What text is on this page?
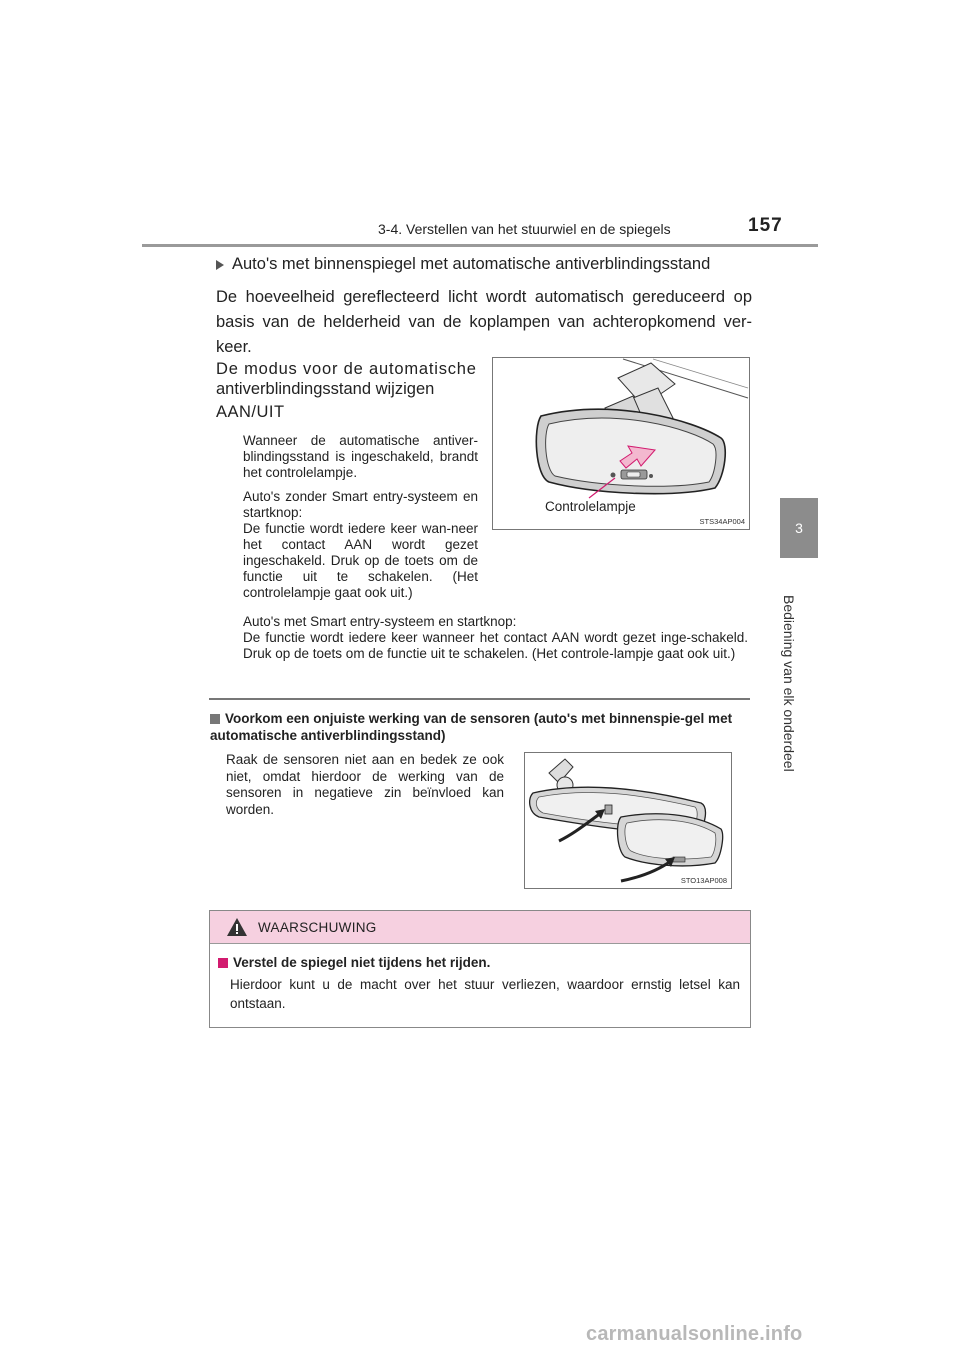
3-4. Verstellen van het stuurwiel en de spiegels	157
3
Bediening van elk onderdeel
Auto's met binnenspiegel met automatische antiverblindingsstand
De hoeveelheid gereflecteerd licht wordt automatisch gereduceerd op basis van de helderheid van de koplampen van achteropkomend ver-keer.
De modus voor de automatische
antiverblindingsstand wijzigen
AAN/UIT
Wanneer de automatische antiver-blindingsstand is ingeschakeld, brandt het controlelampje.
Auto's zonder Smart entry-systeem en startknop:
De functie wordt iedere keer wan-neer het contact AAN wordt gezet ingeschakeld. Druk op de toets om de functie uit te schakelen. (Het controlelampje gaat ook uit.)
Auto's met Smart entry-systeem en startknop:
De functie wordt iedere keer wanneer het contact AAN wordt gezet inge-schakeld. Druk op de toets om de functie uit te schakelen. (Het controle-lampje gaat ook uit.)
Controlelampje
STS34AP004
Voorkom een onjuiste werking van de sensoren (auto's met binnenspie-gel met automatische antiverblindingsstand)
Raak de sensoren niet aan en bedek ze ook niet, omdat hierdoor de werking van de sensoren in negatieve zin beïnvloed kan worden.
STO13AP008
WAARSCHUWING
Verstel de spiegel niet tijdens het rijden.
Hierdoor kunt u de macht over het stuur verliezen, waardoor ernstig letsel kan ontstaan.
carmanualsonline.info
